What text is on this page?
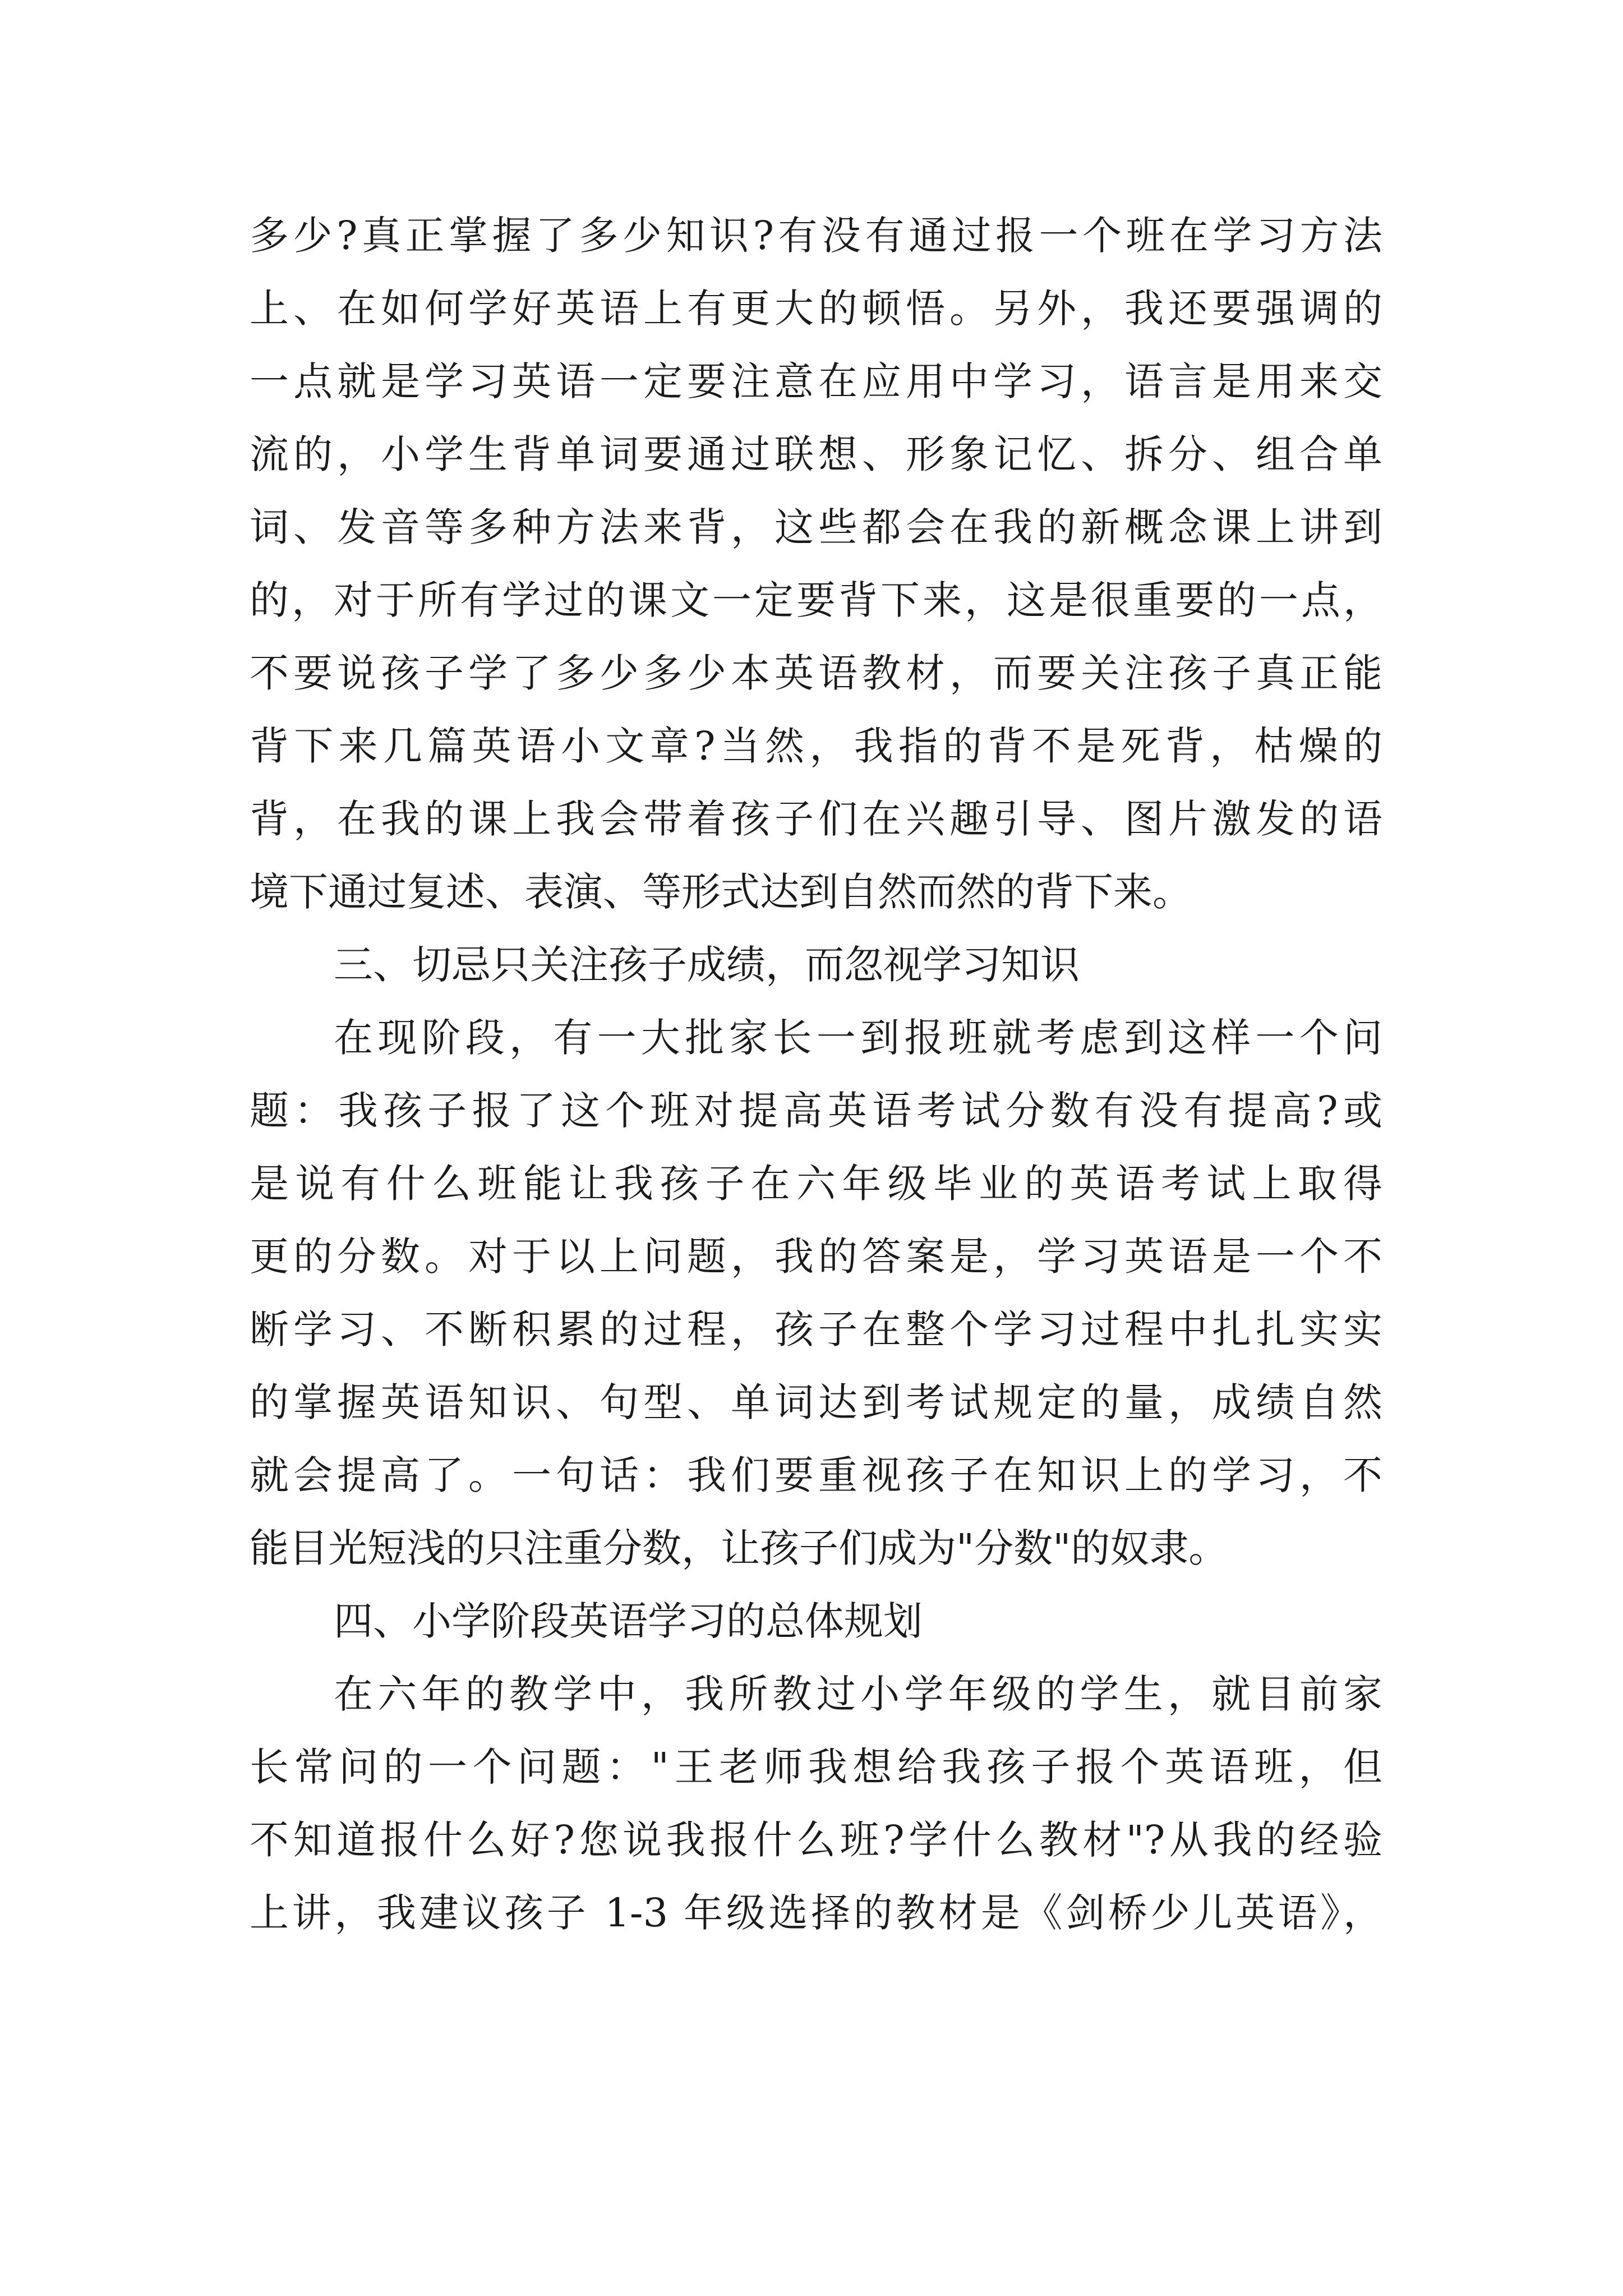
多少?真正掌握了多少知识?有没有通过报一个班在学习方法
上、在如何学好英语上有更大的顿悟。另外，我还要强调的
一点就是学习英语一定要注意在应用中学习，语言是用来交
流的，小学生背单词要通过联想、形象记忆、拆分、组合单
词、发音等多种方法来背，这些都会在我的新概念课上讲到
的，对于所有学过的课文一定要背下来，这是很重要的一点，
不要说孩子学了多少多少本英语教材，而要关注孩子真正能
背下来几篇英语小文章?当然，我指的背不是死背，枯燥的
背，在我的课上我会带着孩子们在兴趣引导、图片激发的语
境下通过复述、表演、等形式达到自然而然的背下来。
三、切忌只关注孩子成绩，而忽视学习知识
在现阶段，有一大批家长一到报班就考虑到这样一个问
题：我孩子报了这个班对提高英语考试分数有没有提高?或
是说有什么班能让我孩子在六年级毕业的英语考试上取得
更的分数。对于以上问题，我的答案是，学习英语是一个不
断学习、不断积累的过程，孩子在整个学习过程中扎扎实实
的掌握英语知识、句型、单词达到考试规定的量，成绩自然
就会提高了。一句话：我们要重视孩子在知识上的学习，不
能目光短浅的只注重分数，让孩子们成为"分数"的奴隶。
四、小学阶段英语学习的总体规划
在六年的教学中，我所教过小学年级的学生，就目前家
长常问的一个问题："王老师我想给我孩子报个英语班，但
不知道报什么好?您说我报什么班?学什么教材"?从我的经验
上讲，我建议孩子 1-3 年级选择的教材是《剑桥少儿英语》，
